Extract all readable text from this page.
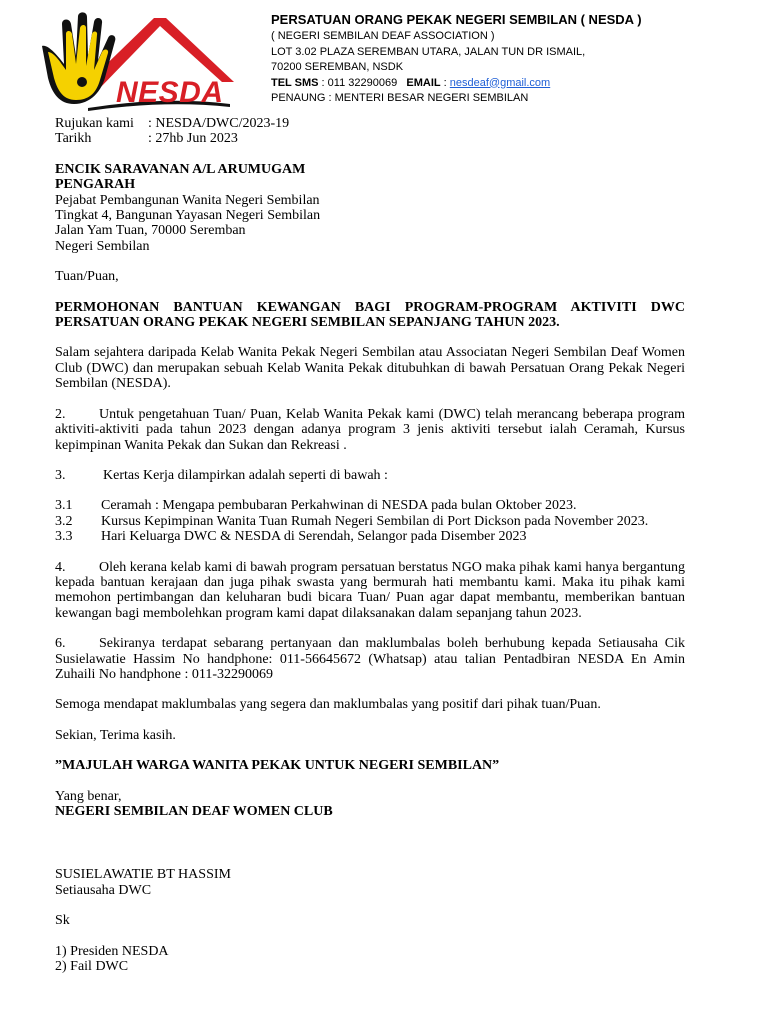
NESDA
PERSATUAN ORANG PEKAK NEGERI SEMBILAN ( NESDA )
( NEGERI SEMBILAN DEAF ASSOCIATION )
LOT 3.02 PLAZA SEREMBAN UTARA, JALAN TUN DR ISMAIL,
70200 SEREMBAN, NSDK
TEL SMS : 011 32290069 EMAIL : nesdeaf@gmail.com
PENAUNG : MENTERI BESAR NEGERI SEMBILAN
Rujukan kami	: NESDA/DWC/2023-19
Tarikh	: 27hb Jun 2023
ENCIK SARAVANAN A/L ARUMUGAM
PENGARAH
Pejabat Pembangunan Wanita Negeri Sembilan
Tingkat 4, Bangunan Yayasan Negeri Sembilan
Jalan Yam Tuan, 70000 Seremban
Negeri Sembilan
Tuan/Puan,
PERMOHONAN BANTUAN KEWANGAN BAGI PROGRAM-PROGRAM AKTIVITI DWC PERSATUAN ORANG PEKAK NEGERI SEMBILAN SEPANJANG TAHUN 2023.
Salam sejahtera daripada Kelab Wanita Pekak Negeri Sembilan atau Associatan Negeri Sembilan Deaf Women Club (DWC) dan merupakan sebuah Kelab Wanita Pekak ditubuhkan di bawah Persatuan Orang Pekak Negeri Sembilan (NESDA).
2. Untuk pengetahuan Tuan/ Puan, Kelab Wanita Pekak kami (DWC) telah merancang beberapa program aktiviti-aktiviti pada tahun 2023 dengan adanya program 3 jenis aktiviti tersebut ialah Ceramah, Kursus kepimpinan Wanita Pekak dan Sukan dan Rekreasi .
3.	Kertas Kerja dilampirkan adalah seperti di bawah :
3.1	Ceramah : Mengapa pembubaran Perkahwinan di NESDA pada bulan Oktober 2023.
3.2	Kursus Kepimpinan Wanita Tuan Rumah Negeri Sembilan di Port Dickson pada November 2023.
3.3	Hari Keluarga DWC & NESDA di Serendah, Selangor pada Disember 2023
4. Oleh kerana kelab kami di bawah program persatuan berstatus NGO maka pihak kami hanya bergantung kepada bantuan kerajaan dan juga pihak swasta yang bermurah hati membantu kami. Maka itu pihak kami memohon pertimbangan dan keluharan budi bicara Tuan/ Puan agar dapat membantu, memberikan bantuan kewangan bagi membolehkan program kami dapat dilaksanakan dalam sepanjang tahun 2023.
6. Sekiranya terdapat sebarang pertanyaan dan maklumbalas boleh berhubung kepada Setiausaha Cik Susielawatie Hassim No handphone: 011-56645672 (Whatsap) atau talian Pentadbiran NESDA En Amin Zuhaili No handphone : 011-32290069
Semoga mendapat maklumbalas yang segera dan maklumbalas yang positif dari pihak tuan/Puan.
Sekian, Terima kasih.
”MAJULAH WARGA WANITA PEKAK UNTUK NEGERI SEMBILAN”
Yang benar,
NEGERI SEMBILAN DEAF WOMEN CLUB
SUSIELAWATIE BT HASSIM
Setiausaha DWC
Sk
1) Presiden NESDA
2) Fail DWC
